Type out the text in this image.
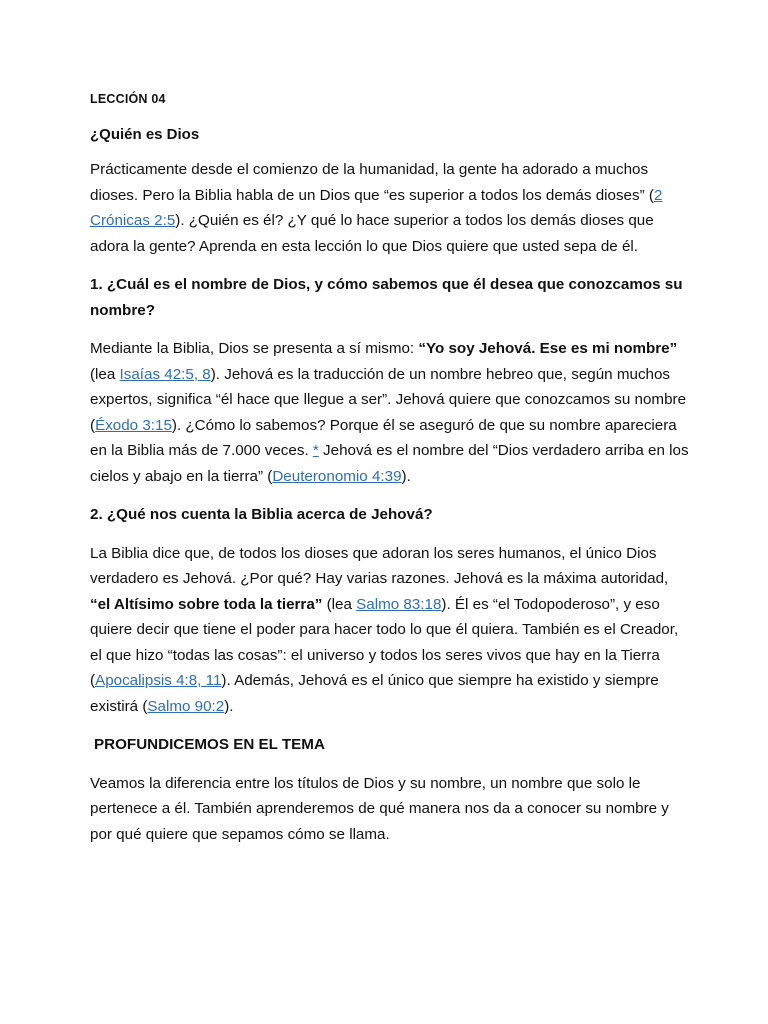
LECCIÓN 04
¿Quién es Dios

Prácticamente desde el comienzo de la humanidad, la gente ha adorado a muchos dioses. Pero la Biblia habla de un Dios que “es superior a todos los demás dioses” (2 Crónicas 2:5). ¿Quién es él? ¿Y qué lo hace superior a todos los demás dioses que adora la gente? Aprenda en esta lección lo que Dios quiere que usted sepa de él.

1. ¿Cuál es el nombre de Dios, y cómo sabemos que él desea que conozcamos su nombre?

Mediante la Biblia, Dios se presenta a sí mismo: “Yo soy Jehová. Ese es mi nombre” (lea Isaías 42:5, 8). Jehová es la traducción de un nombre hebreo que, según muchos expertos, significa “él hace que llegue a ser”. Jehová quiere que conozcamos su nombre (Éxodo 3:15). ¿Cómo lo sabemos? Porque él se aseguró de que su nombre apareciera en la Biblia más de 7.000 veces. * Jehová es el nombre del “Dios verdadero arriba en los cielos y abajo en la tierra” (Deuteronomio 4:39).

2. ¿Qué nos cuenta la Biblia acerca de Jehová?

La Biblia dice que, de todos los dioses que adoran los seres humanos, el único Dios verdadero es Jehová. ¿Por qué? Hay varias razones. Jehová es la máxima autoridad, “el Altísimo sobre toda la tierra” (lea Salmo 83:18). Él es “el Todopoderoso”, y eso quiere decir que tiene el poder para hacer todo lo que él quiera. También es el Creador, el que hizo “todas las cosas”: el universo y todos los seres vivos que hay en la Tierra (Apocalipsis 4:8, 11). Además, Jehová es el único que siempre ha existido y siempre existirá (Salmo 90:2).

PROFUNDICEMOS EN EL TEMA

Veamos la diferencia entre los títulos de Dios y su nombre, un nombre que solo le pertenece a él. También aprenderemos de qué manera nos da a conocer su nombre y por qué quiere que sepamos cómo se llama.
